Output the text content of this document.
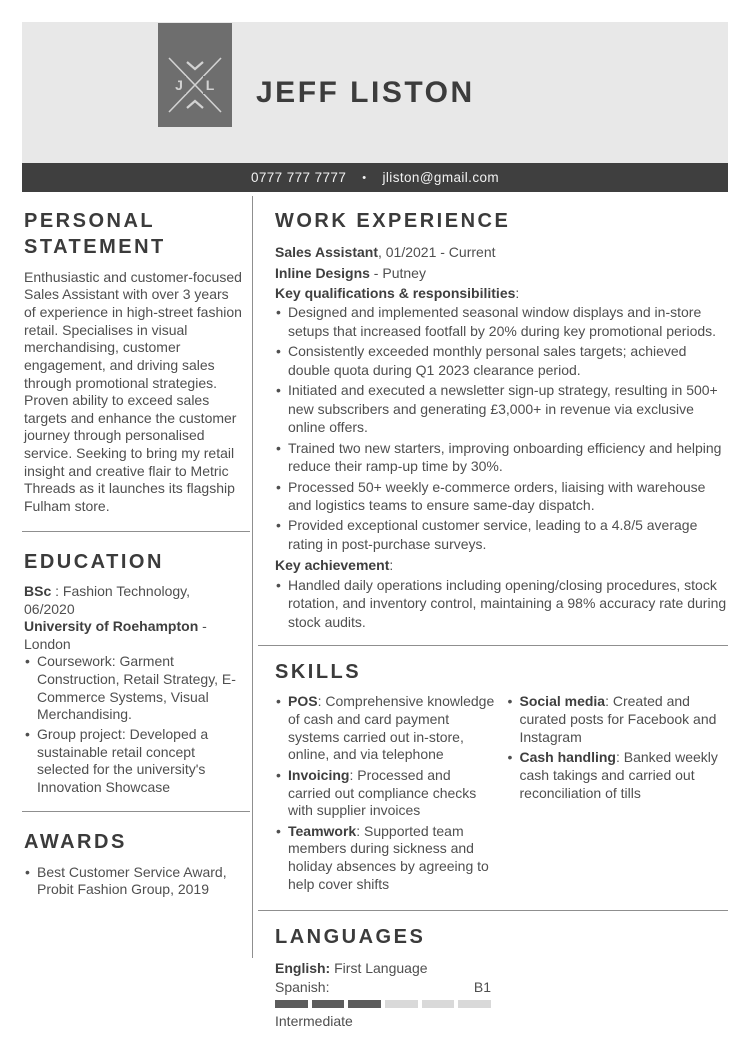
J L JEFF LISTON
0777 777 7777 • jliston@gmail.com
PERSONAL STATEMENT

Enthusiastic and customer-focused Sales Assistant with over 3 years of experience in high-street fashion retail. Specialises in visual merchandising, customer engagement, and driving sales through promotional strategies. Proven ability to exceed sales targets and enhance the customer journey through personalised service. Seeking to bring my retail insight and creative flair to Metric Threads as it launches its flagship Fulham store.

EDUCATION

BSc : Fashion Technology, 06/2020

University of Roehampton - London

• Coursework: Garment Construction, Retail Strategy, E-Commerce Systems, Visual Merchandising.
• Group project: Developed a sustainable retail concept selected for the university's Innovation Showcase
AWARDS
• Best Customer Service Award, Probit Fashion Group, 2019
WORK EXPERIENCE

Sales Assistant, 01/2021 - Current

Inline Designs - Putney

Key qualifications & responsibilities:

• Designed and implemented seasonal window displays and in-store setups that increased footfall by 20% during key promotional periods.
• Consistently exceeded monthly personal sales targets; achieved double quota during Q1 2023 clearance period.
• Initiated and executed a newsletter sign-up strategy, resulting in 500+ new subscribers and generating £3,000+ in revenue via exclusive online offers.
• Trained two new starters, improving onboarding efficiency and helping reduce their ramp-up time by 30%.
• Processed 50+ weekly e-commerce orders, liaising with warehouse and logistics teams to ensure same-day dispatch.
• Provided exceptional customer service, leading to a 4.8/5 average rating in post-purchase surveys.

Key achievement:

• Handled daily operations including opening/closing procedures, stock rotation, and inventory control, maintaining a 98% accuracy rate during stock audits.
SKILLS
• POS: Comprehensive knowledge of cash and card payment systems carried out in-store, online, and via telephone
• Invoicing: Processed and carried out compliance checks with supplier invoices
• Teamwork: Supported team members during sickness and holiday absences by agreeing to help cover shifts
• Social media: Created and curated posts for Facebook and Instagram
• Cash handling: Banked weekly cash takings and carried out reconciliation of tills
LANGUAGES

English: First Language

Spanish:	B1

Intermediate
